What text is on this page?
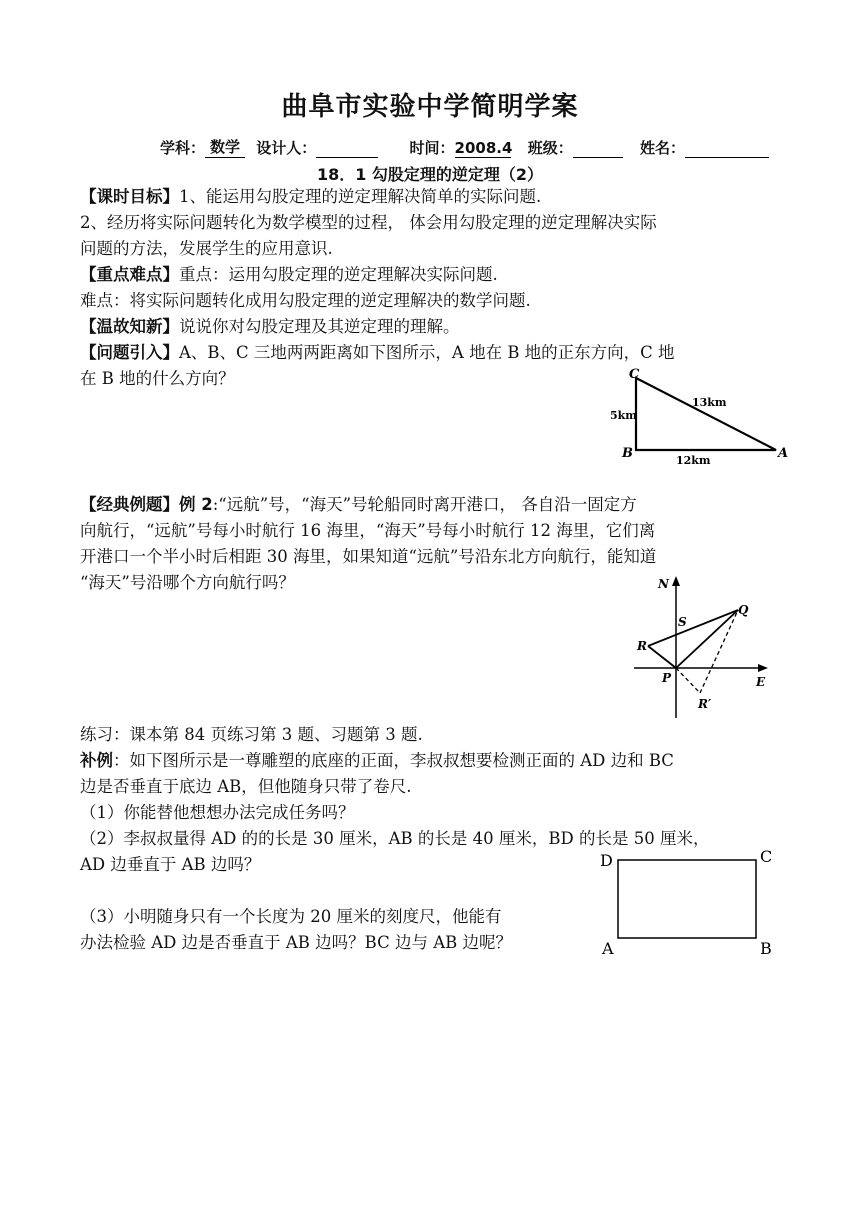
曲阜市实验中学简明学案
学科： 数学 设计人：	时间：2008.4 班级：	姓名：
18．1 勾股定理的逆定理（2）
【课时目标】1、能运用勾股定理的逆定理解决简单的实际问题.
2、经历将实际问题转化为数学模型的过程， 体会用勾股定理的逆定理解决实际
问题的方法，发展学生的应用意识.
【重点难点】重点：运用勾股定理的逆定理解决实际问题.
难点：将实际问题转化成用勾股定理的逆定理解决的数学问题.
【温故知新】说说你对勾股定理及其逆定理的理解。
【问题引入】A、B、C 三地两两距离如下图所示，A 地在 B 地的正东方向，C 地
在 B 地的什么方向？	C
B	A
5km
13km
12km
【经典例题】例 2:“远航”号，“海天”号轮船同时离开港口， 各自沿一固定方
向航行，“远航”号每小时航行 16 海里，“海天”号每小时航行 12 海里，它们离
开港口一个半小时后相距 30 海里，如果知道“远航”号沿东北方向航行，能知道
“海天”号沿哪个方向航行吗？	N
E
P
Q
R
S
R′
练习：课本第 84 页练习第 3 题、习题第 3 题.
补例：如下图所示是一尊雕塑的底座的正面，李叔叔想要检测正面的 AD 边和 BC
边是否垂直于底边 AB，但他随身只带了卷尺.
（1）你能替他想想办法完成任务吗？
（2）李叔叔量得 AD 的的长是 30 厘米，AB 的长是 40 厘米，BD 的长是 50 厘米，
AD 边垂直于 AB 边吗？
（3）小明随身只有一个长度为 20 厘米的刻度尺，他能有
办法检验 AD 边是否垂直于 AB 边吗？BC 边与 AB 边呢？
D	C
A	B
